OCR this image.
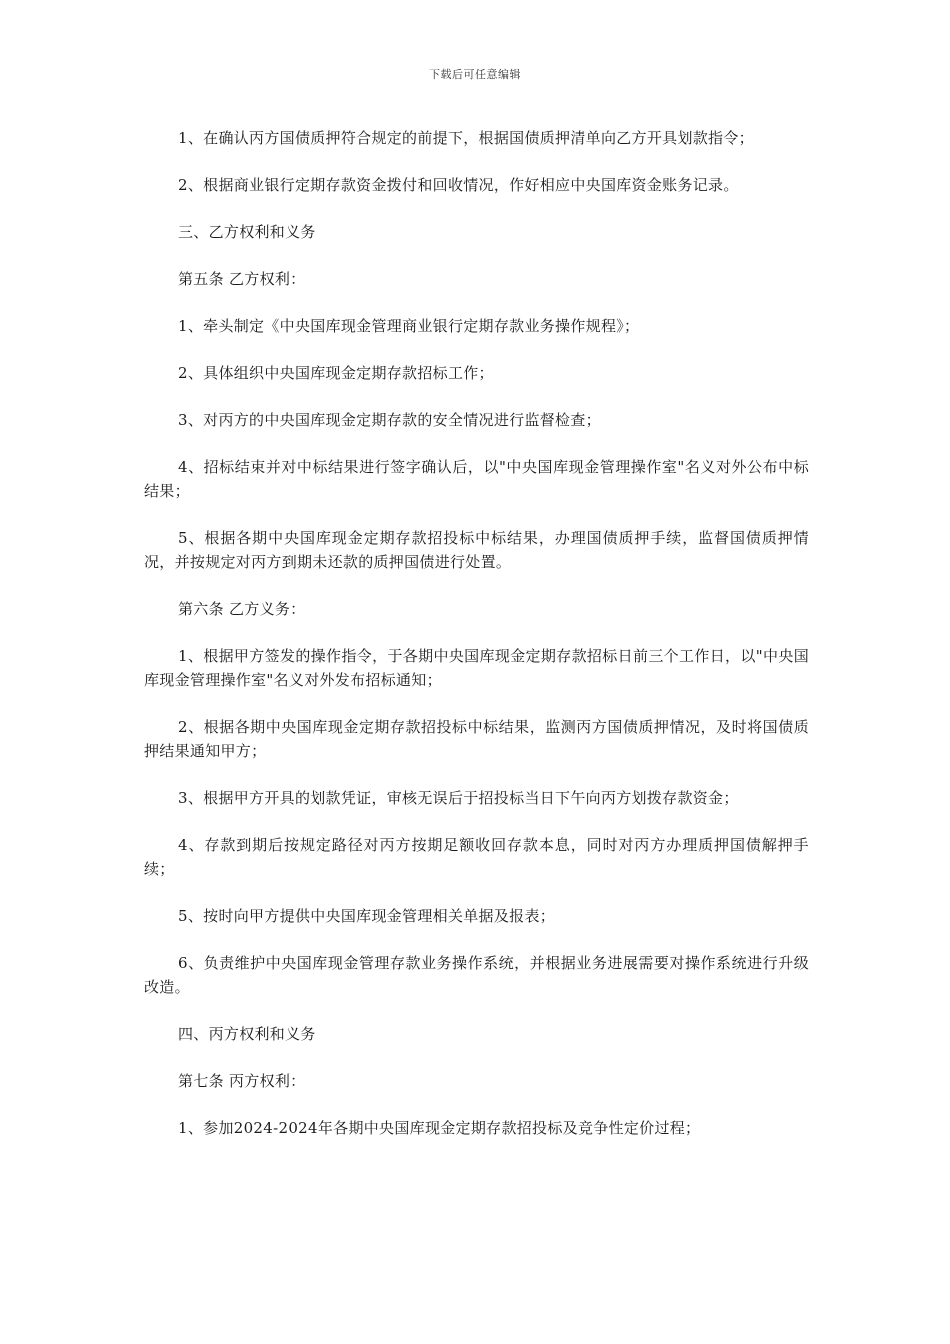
下载后可任意编辑

1、在确认丙方国债质押符合规定的前提下，根据国债质押清单向乙方开具划款指令；

2、根据商业银行定期存款资金拨付和回收情况，作好相应中央国库资金账务记录。

三、乙方权利和义务

第五条 乙方权利：

1、牵头制定《中央国库现金管理商业银行定期存款业务操作规程》；

2、具体组织中央国库现金定期存款招标工作；

3、对丙方的中央国库现金定期存款的安全情况进行监督检查；

4、招标结束并对中标结果进行签字确认后，以"中央国库现金管理操作室"名义对外公布中标结果；

5、根据各期中央国库现金定期存款招投标中标结果，办理国债质押手续，监督国债质押情况，并按规定对丙方到期未还款的质押国债进行处置。

第六条 乙方义务：

1、根据甲方签发的操作指令，于各期中央国库现金定期存款招标日前三个工作日，以"中央国库现金管理操作室"名义对外发布招标通知；

2、根据各期中央国库现金定期存款招投标中标结果，监测丙方国债质押情况，及时将国债质押结果通知甲方；

3、根据甲方开具的划款凭证，审核无误后于招投标当日下午向丙方划拨存款资金；

4、存款到期后按规定路径对丙方按期足额收回存款本息，同时对丙方办理质押国债解押手续；

5、按时向甲方提供中央国库现金管理相关单据及报表；

6、负责维护中央国库现金管理存款业务操作系统，并根据业务进展需要对操作系统进行升级改造。

四、丙方权利和义务

第七条 丙方权利：

1、参加2024-2024年各期中央国库现金定期存款招投标及竞争性定价过程；
